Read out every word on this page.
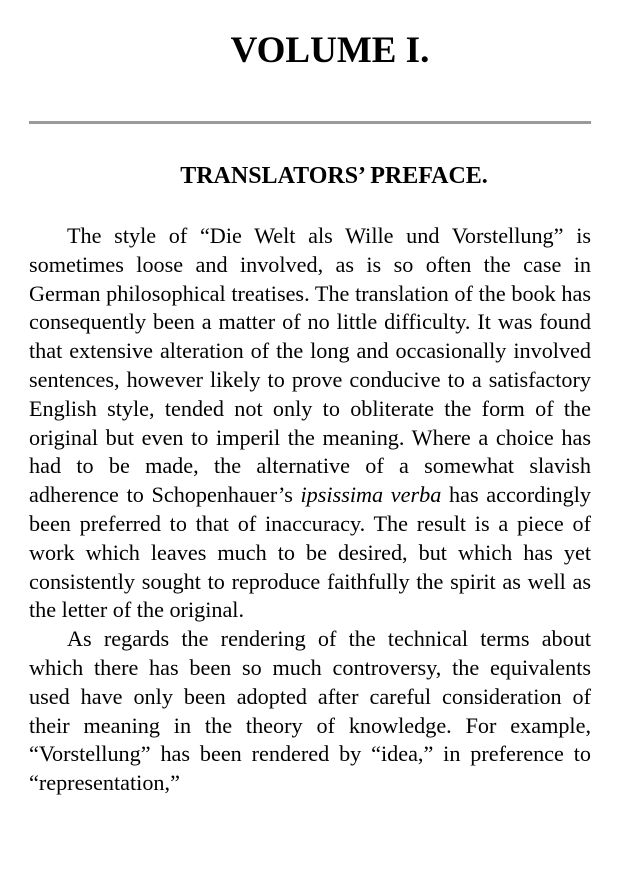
VOLUME I.
TRANSLATORS’ PREFACE.

The style of “Die Welt als Wille und Vorstellung” is sometimes loose and involved, as is so often the case in German philosophical treatises. The translation of the book has consequently been a matter of no little difficulty. It was found that extensive alteration of the long and occasionally involved sentences, however likely to prove conducive to a satisfactory English style, tended not only to obliterate the form of the original but even to imperil the meaning. Where a choice has had to be made, the alternative of a somewhat slavish adherence to Schopenhauer’s ipsissima verba has accordingly been preferred to that of inaccuracy. The result is a piece of work which leaves much to be desired, but which has yet consistently sought to reproduce faithfully the spirit as well as the letter of the original.

As regards the rendering of the technical terms about which there has been so much controversy, the equivalents used have only been adopted after careful consideration of their meaning in the theory of knowledge. For example, “Vorstellung” has been rendered by “idea,” in preference to “representation,”
